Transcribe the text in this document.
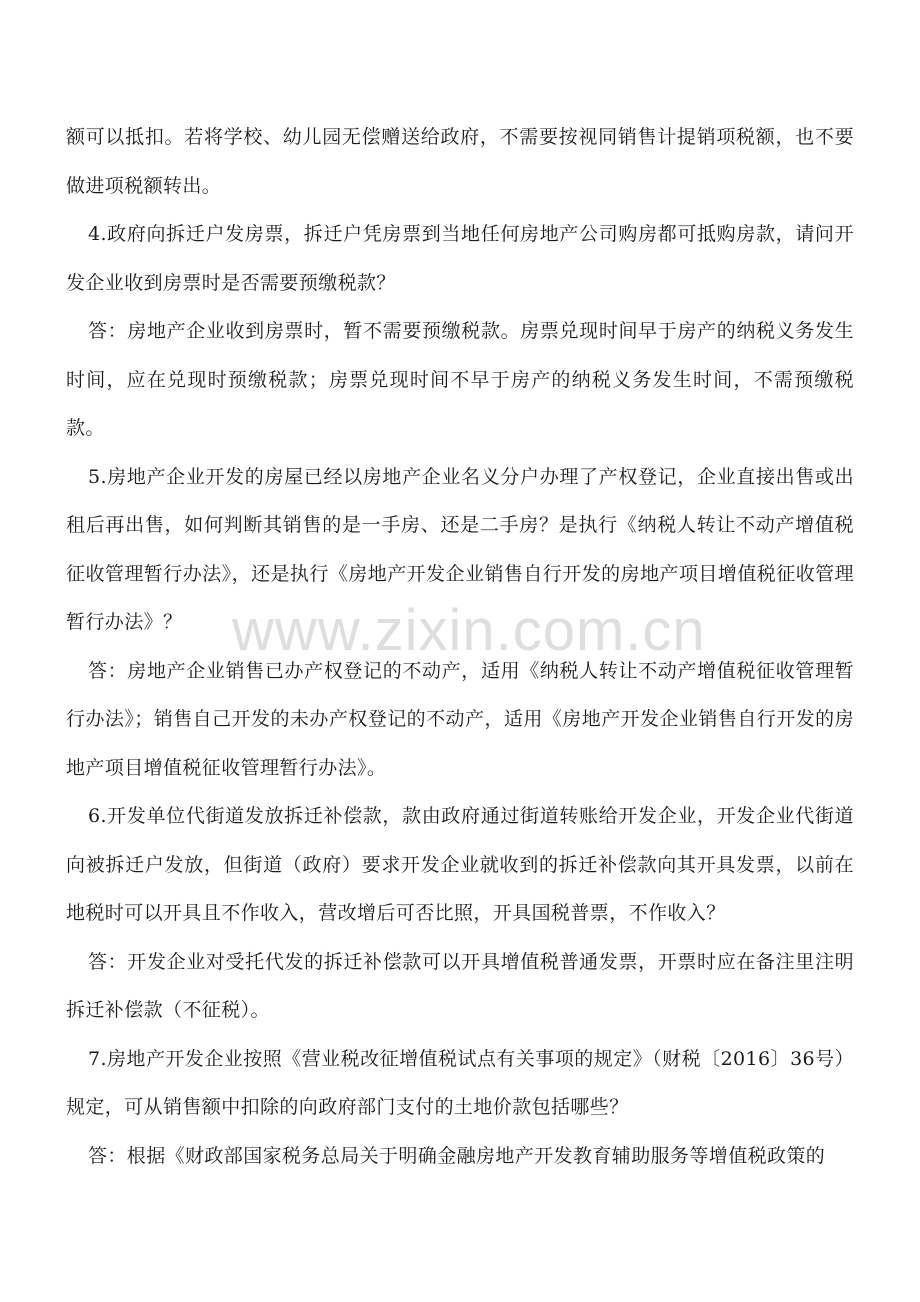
额可以抵扣。若将学校、幼儿园无偿赠送给政府，不需要按视同销售计提销项税额，也不要做进项税额转出。

4.政府向拆迁户发房票，拆迁户凭房票到当地任何房地产公司购房都可抵购房款，请问开发企业收到房票时是否需要预缴税款？

答：房地产企业收到房票时，暂不需要预缴税款。房票兑现时间早于房产的纳税义务发生时间，应在兑现时预缴税款；房票兑现时间不早于房产的纳税义务发生时间，不需预缴税款。

5.房地产企业开发的房屋已经以房地产企业名义分户办理了产权登记，企业直接出售或出租后再出售，如何判断其销售的是一手房、还是二手房？是执行《纳税人转让不动产增值税征收管理暂行办法》，还是执行《房地产开发企业销售自行开发的房地产项目增值税征收管理暂行办法》？

答：房地产企业销售已办产权登记的不动产，适用《纳税人转让不动产增值税征收管理暂行办法》；销售自己开发的未办产权登记的不动产，适用《房地产开发企业销售自行开发的房地产项目增值税征收管理暂行办法》。

6.开发单位代街道发放拆迁补偿款，款由政府通过街道转账给开发企业，开发企业代街道向被拆迁户发放，但街道（政府）要求开发企业就收到的拆迁补偿款向其开具发票，以前在地税时可以开具且不作收入，营改增后可否比照，开具国税普票，不作收入？

答：开发企业对受托代发的拆迁补偿款可以开具增值税普通发票，开票时应在备注里注明拆迁补偿款（不征税）。

7.房地产开发企业按照《营业税改征增值税试点有关事项的规定》（财税〔2016〕36号）规定，可从销售额中扣除的向政府部门支付的土地价款包括哪些？

答：根据《财政部国家税务总局关于明确金融房地产开发教育辅助服务等增值税政策的

www.zixin.com.cn
